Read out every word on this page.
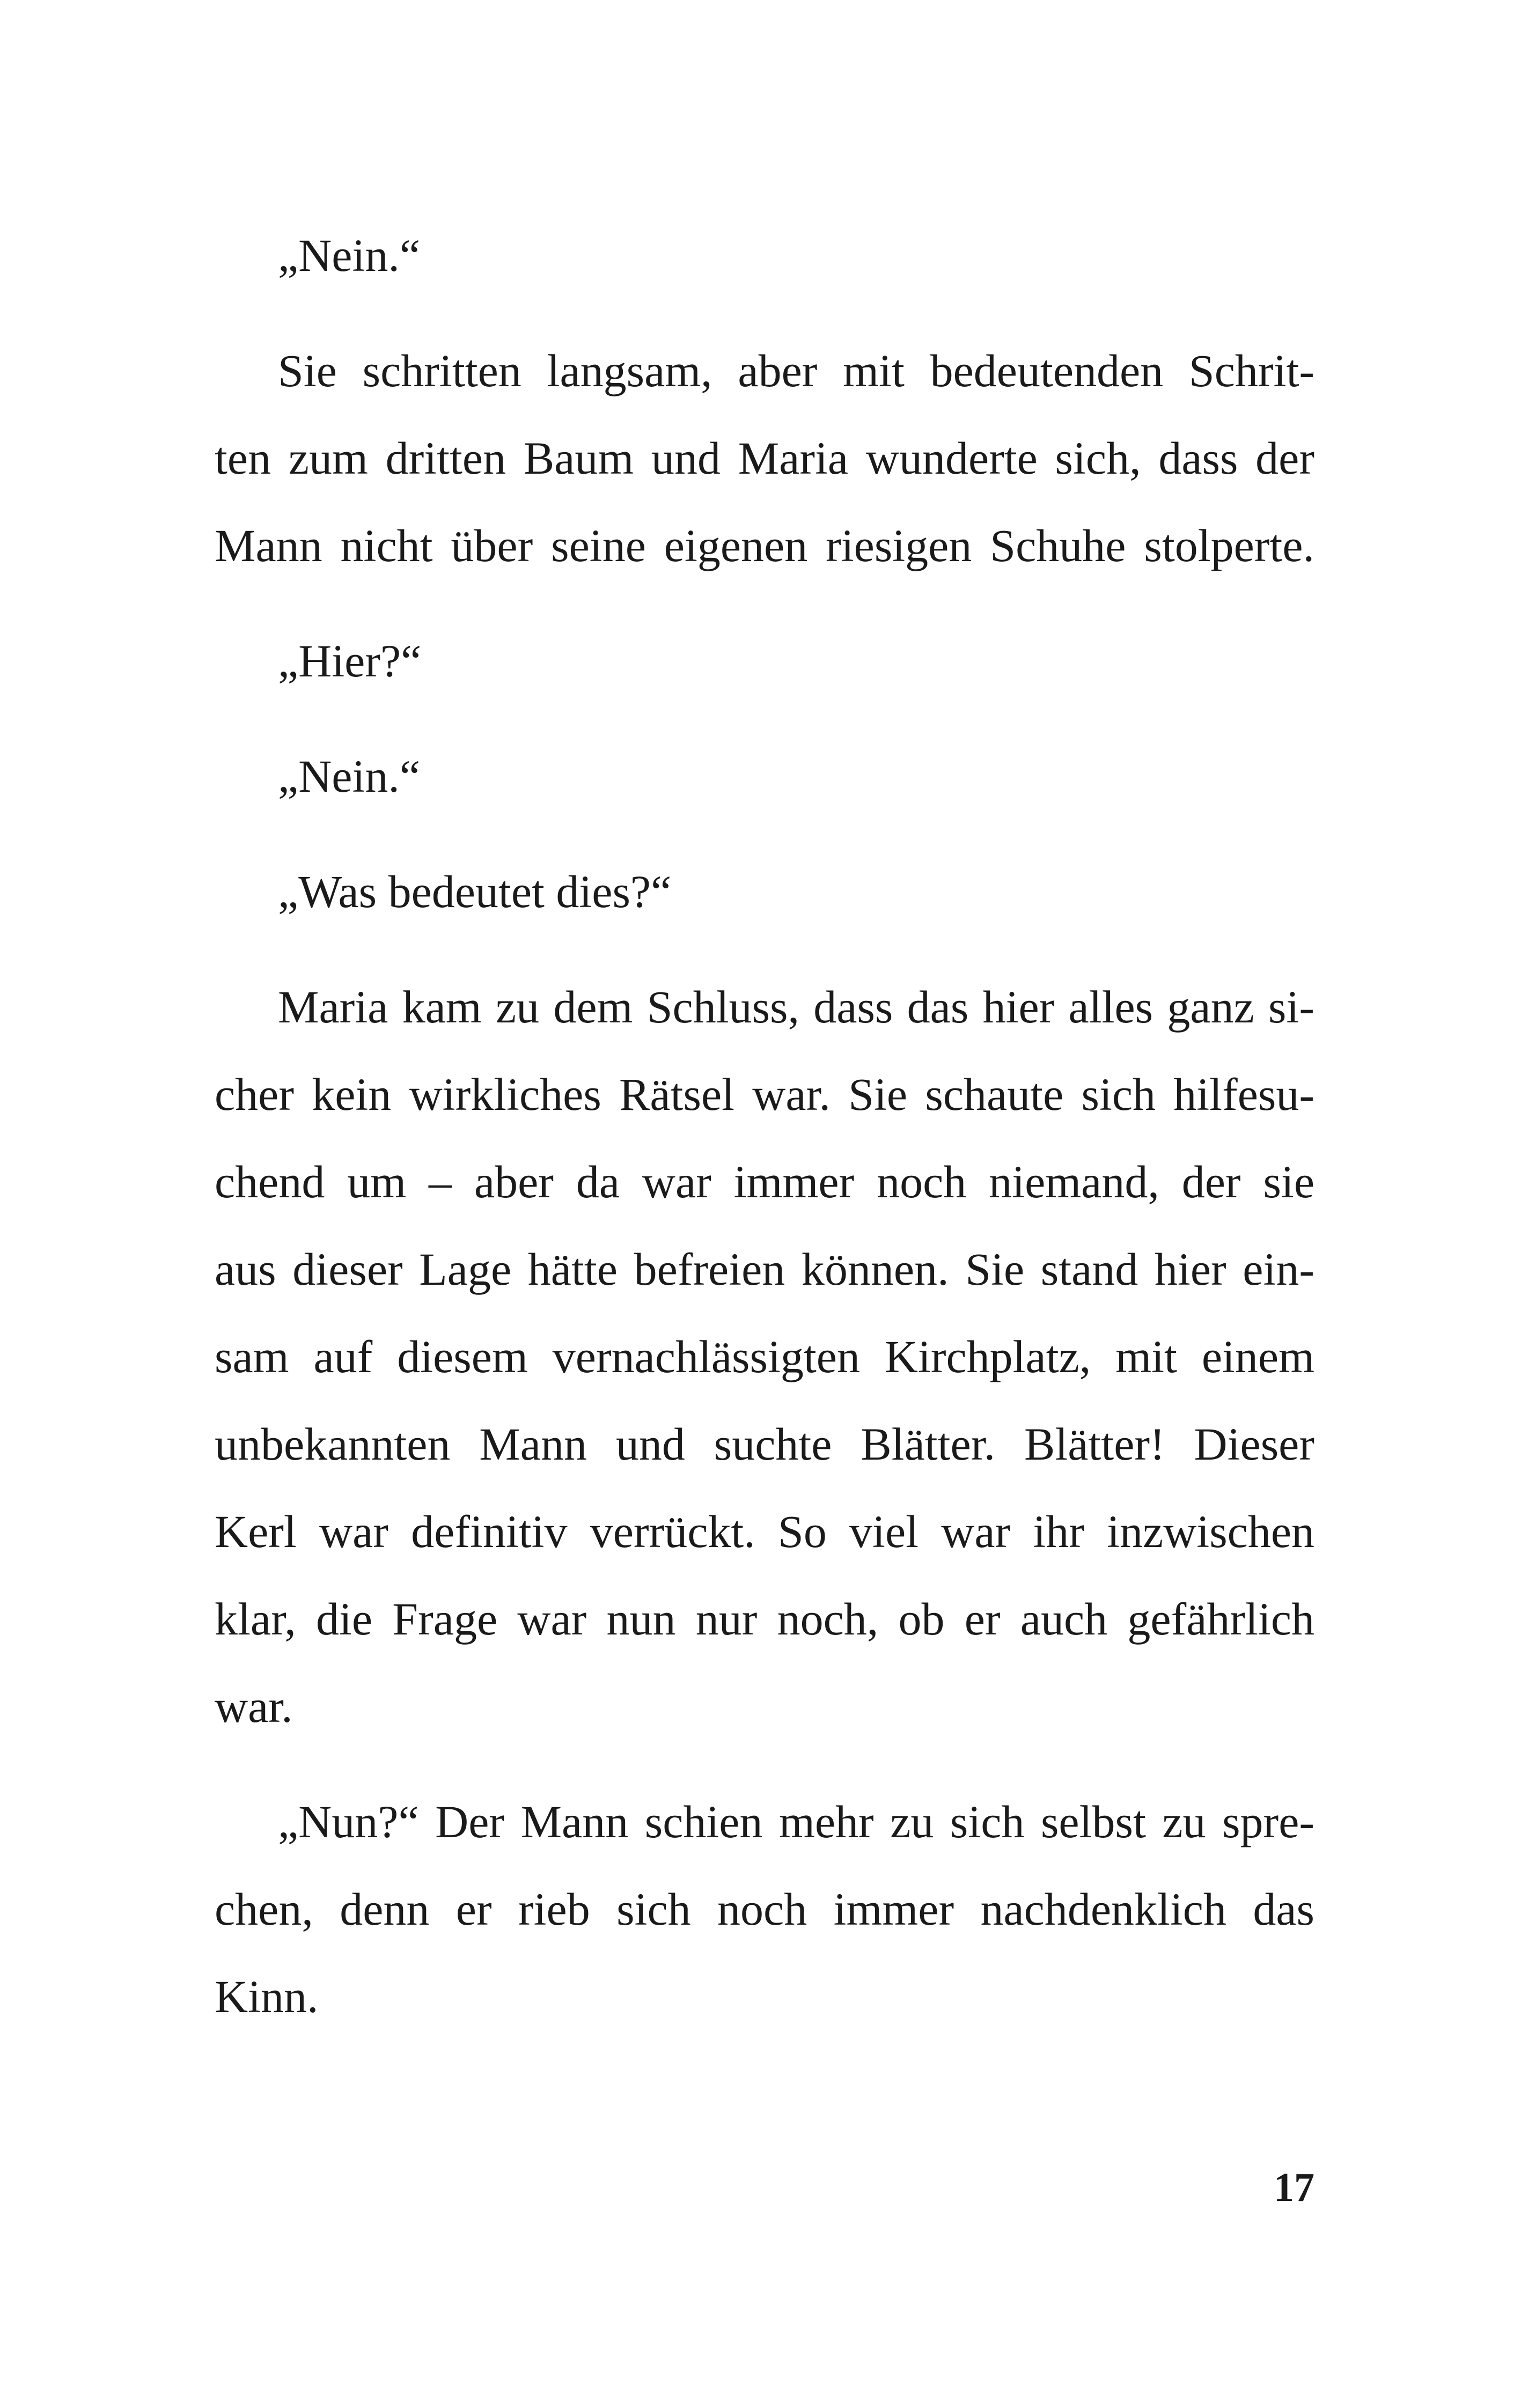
„Nein.“
Sie schritten langsam, aber mit bedeutenden Schrit-
ten zum dritten Baum und Maria wunderte sich, dass der
Mann nicht über seine eigenen riesigen Schuhe stolperte.
„Hier?“
„Nein.“
„Was bedeutet dies?“
Maria kam zu dem Schluss, dass das hier alles ganz si-
cher kein wirkliches Rätsel war. Sie schaute sich hilfesu-
chend um – aber da war immer noch niemand, der sie
aus dieser Lage hätte befreien können. Sie stand hier ein-
sam auf diesem vernachlässigten Kirchplatz, mit einem
unbekannten Mann und suchte Blätter. Blätter! Dieser
Kerl war definitiv verrückt. So viel war ihr inzwischen
klar, die Frage war nun nur noch, ob er auch gefährlich
war.
„Nun?“ Der Mann schien mehr zu sich selbst zu spre-
chen, denn er rieb sich noch immer nachdenklich das
Kinn.
17
